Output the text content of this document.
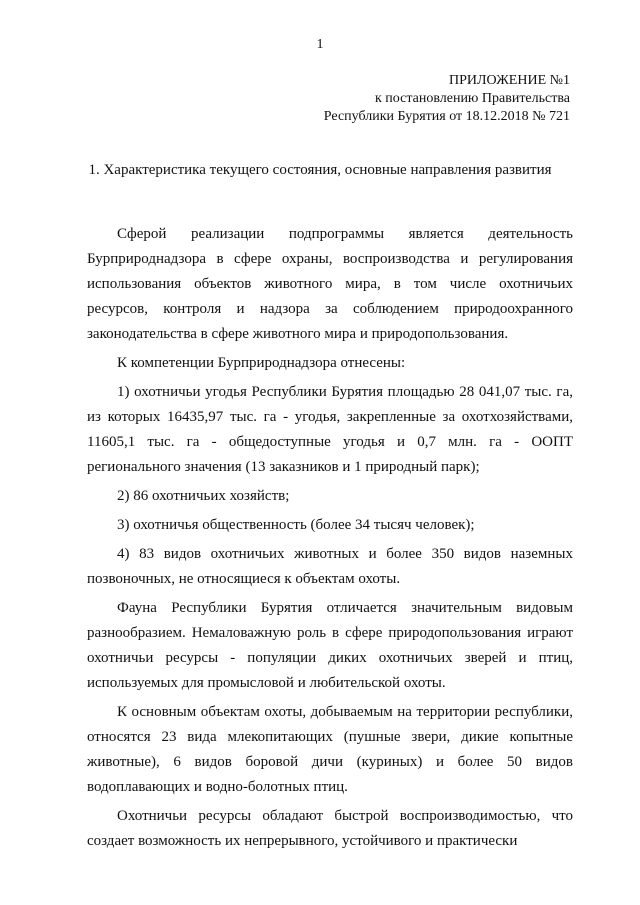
1
ПРИЛОЖЕНИЕ №1
к постановлению Правительства
Республики Бурятия от 18.12.2018 № 721
1. Характеристика текущего состояния, основные направления развития

Сферой реализации подпрограммы является деятельность Бурприроднадзора в сфере охраны, воспроизводства и регулирования использования объектов животного мира, в том числе охотничьих ресурсов, контроля и надзора за соблюдением природоохранного законодательства в сфере животного мира и природопользования.

К компетенции Бурприроднадзора отнесены:

1) охотничьи угодья Республики Бурятия площадью 28 041,07 тыс. га, из которых 16435,97 тыс. га - угодья, закрепленные за охотхозяйствами, 11605,1 тыс. га - общедоступные угодья и 0,7 млн. га - ООПТ регионального значения (13 заказников и 1 природный парк);

2) 86 охотничьих хозяйств;

3) охотничья общественность (более 34 тысяч человек);

4) 83 видов охотничьих животных и более 350 видов наземных позвоночных, не относящиеся к объектам охоты.

Фауна Республики Бурятия отличается значительным видовым разнообразием. Немаловажную роль в сфере природопользования играют охотничьи ресурсы - популяции диких охотничьих зверей и птиц, используемых для промысловой и любительской охоты.

К основным объектам охоты, добываемым на территории республики, относятся 23 вида млекопитающих (пушные звери, дикие копытные животные), 6 видов боровой дичи (куриных) и более 50 видов водоплавающих и водно-болотных птиц.

Охотничьи ресурсы обладают быстрой воспроизводимостью, что создает возможность их непрерывного, устойчивого и практически
